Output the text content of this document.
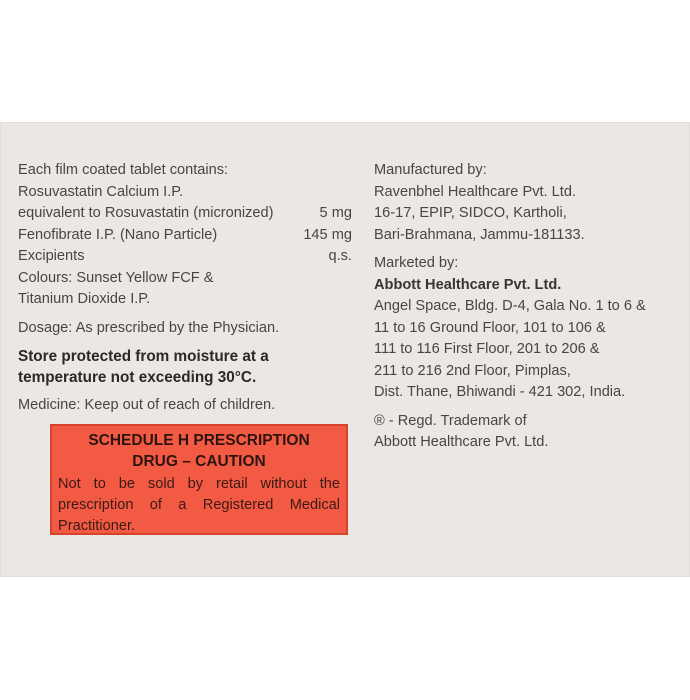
Each film coated tablet contains:
Rosuvastatin Calcium I.P.
equivalent to Rosuvastatin (micronized)	5 mg
Fenofibrate I.P. (Nano Particle)	145 mg
Excipients	q.s.
Colours: Sunset Yellow FCF &
Titanium Dioxide I.P.
Dosage: As prescribed by the Physician.
Store protected from moisture at a
temperature not exceeding 30°C.
Medicine: Keep out of reach of children.
SCHEDULE H PRESCRIPTION
DRUG – CAUTION
Not to be sold by retail without the prescription of a Registered Medical Practitioner.
Manufactured by:
Ravenbhel Healthcare Pvt. Ltd.
16-17, EPIP, SIDCO, Kartholi,
Bari-Brahmana, Jammu-181133.
Marketed by:
Abbott Healthcare Pvt. Ltd.
Angel Space, Bldg. D-4, Gala No. 1 to 6 &
11 to 16 Ground Floor, 101 to 106 &
111 to 116 First Floor, 201 to 206 &
211 to 216 2nd Floor, Pimplas,
Dist. Thane, Bhiwandi - 421 302, India.
® - Regd. Trademark of
Abbott Healthcare Pvt. Ltd.
